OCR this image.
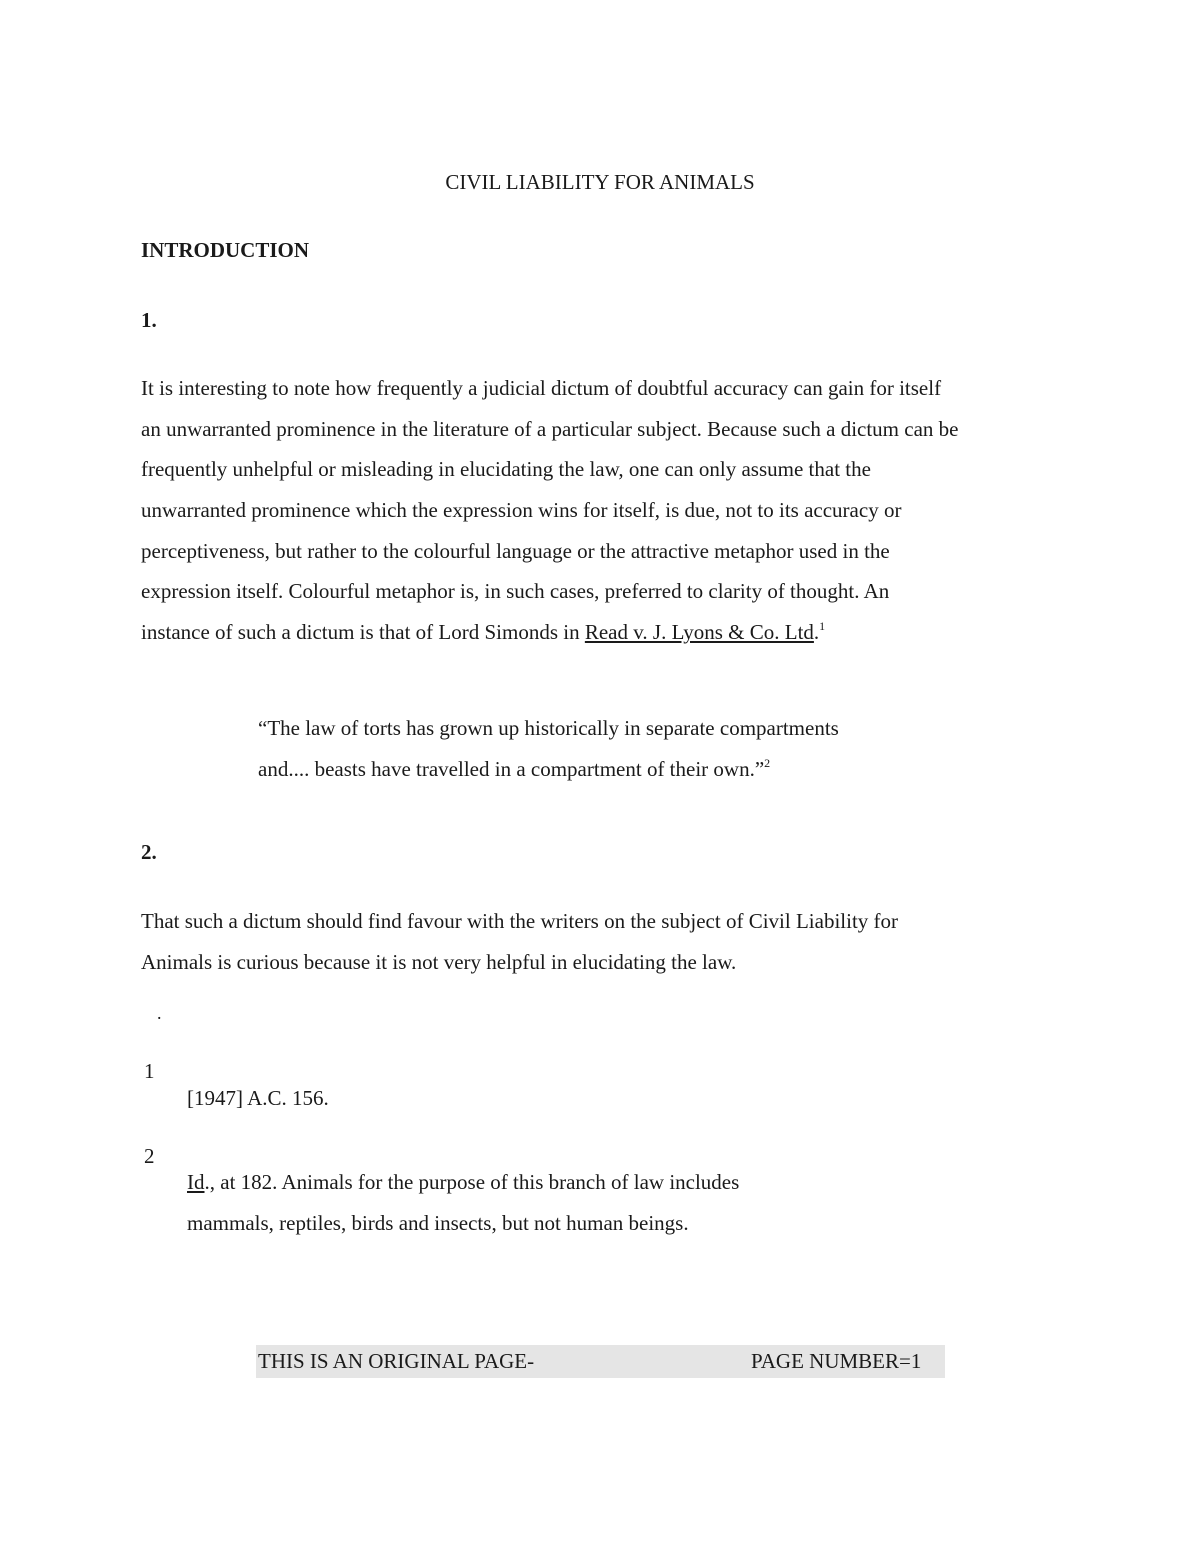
CIVIL LIABILITY FOR ANIMALS
INTRODUCTION
1.
It is interesting to note how frequently a judicial dictum of doubtful accuracy can gain for itself
an unwarranted prominence in the literature of a particular subject. Because such a dictum can be
frequently unhelpful or misleading in elucidating the law, one can only assume that the
unwarranted prominence which the expression wins for itself, is due, not to its accuracy or
perceptiveness, but rather to the colourful language or the attractive metaphor used in the
expression itself. Colourful metaphor is, in such cases, preferred to clarity of thought. An
instance of such a dictum is that of Lord Simonds in Read v. J. Lyons & Co. Ltd.$^1$
“The law of torts has grown up historically in separate compartments
and.... beasts have travelled in a compartment of their own.”$^2$
2.
That such a dictum should find favour with the writers on the subject of Civil Liability for
Animals is curious because it is not very helpful in elucidating the law.
.
1
[1947] A.C. 156.
2
Id., at 182. Animals for the purpose of this branch of law includes
mammals, reptiles, birds and insects, but not human beings.
THIS IS AN ORIGINAL PAGE-	PAGE NUMBER=1
